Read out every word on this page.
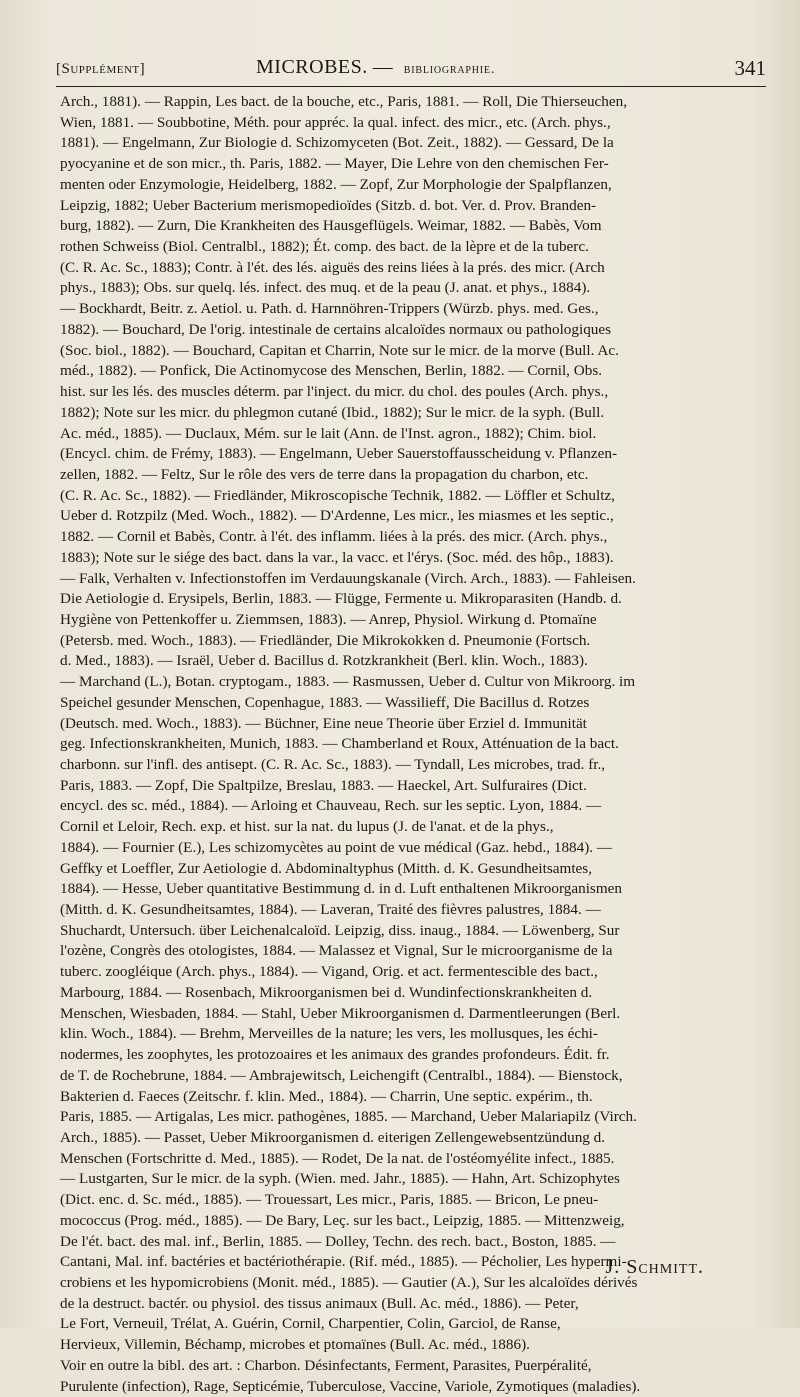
[Supplément]	MICROBES. — bibliographie.	341
Arch., 1881). — Rappin, Les bact. de la bouche, etc., Paris, 1881. — Roll, Die Thierseuchen,
Wien, 1881. — Soubbotine, Méth. pour appréc. la qual. infect. des micr., etc. (Arch. phys.,
1881). — Engelmann, Zur Biologie d. Schizomyceten (Bot. Zeit., 1882). — Gessard, De la
pyocyanine et de son micr., th. Paris, 1882. — Mayer, Die Lehre von den chemischen Fer-
menten oder Enzymologie, Heidelberg, 1882. — Zopf, Zur Morphologie der Spalpflanzen,
Leipzig, 1882; Ueber Bacterium merismopedioïdes (Sitzb. d. bot. Ver. d. Prov. Branden-
burg, 1882). — Zurn, Die Krankheiten des Hausgeflügels. Weimar, 1882. — Babès, Vom
rothen Schweiss (Biol. Centralbl., 1882); Ét. comp. des bact. de la lèpre et de la tuberc.
(C. R. Ac. Sc., 1883); Contr. à l'ét. des lés. aiguës des reins liées à la prés. des micr. (Arch
phys., 1883); Obs. sur quelq. lés. infect. des muq. et de la peau (J. anat. et phys., 1884).
— Bockhardt, Beitr. z. Aetiol. u. Path. d. Harnnöhren-Trippers (Würzb. phys. med. Ges.,
1882). — Bouchard, De l'orig. intestinale de certains alcaloïdes normaux ou pathologiques
(Soc. biol., 1882). — Bouchard, Capitan et Charrin, Note sur le micr. de la morve (Bull. Ac.
méd., 1882). — Ponfick, Die Actinomycose des Menschen, Berlin, 1882. — Cornil, Obs.
hist. sur les lés. des muscles déterm. par l'inject. du micr. du chol. des poules (Arch. phys.,
1882); Note sur les micr. du phlegmon cutané (Ibid., 1882); Sur le micr. de la syph. (Bull.
Ac. méd., 1885). — Duclaux, Mém. sur le lait (Ann. de l'Inst. agron., 1882); Chim. biol.
(Encycl. chim. de Frémy, 1883). — Engelmann, Ueber Sauerstoffausscheidung v. Pflanzen-
zellen, 1882. — Feltz, Sur le rôle des vers de terre dans la propagation du charbon, etc.
(C. R. Ac. Sc., 1882). — Friedländer, Mikroscopische Technik, 1882. — Löffler et Schultz,
Ueber d. Rotzpilz (Med. Woch., 1882). — D'Ardenne, Les micr., les miasmes et les septic.,
1882. — Cornil et Babès, Contr. à l'ét. des inflamm. liées à la prés. des micr. (Arch. phys.,
1883); Note sur le siége des bact. dans la var., la vacc. et l'érys. (Soc. méd. des hôp., 1883).
— Falk, Verhalten v. Infectionstoffen im Verdauungskanale (Virch. Arch., 1883). — Fahleisen.
Die Aetiologie d. Erysipels, Berlin, 1883. — Flügge, Fermente u. Mikroparasiten (Handb. d.
Hygiène von Pettenkoffer u. Ziemmsen, 1883). — Anrep, Physiol. Wirkung d. Ptomaïne
(Petersb. med. Woch., 1883). — Friedländer, Die Mikrokokken d. Pneumonie (Fortsch.
d. Med., 1883). — Israël, Ueber d. Bacillus d. Rotzkrankheit (Berl. klin. Woch., 1883).
— Marchand (L.), Botan. cryptogam., 1883. — Rasmussen, Ueber d. Cultur von Mikroorg. im
Speichel gesunder Menschen, Copenhague, 1883. — Wassilieff, Die Bacillus d. Rotzes
(Deutsch. med. Woch., 1883). — Büchner, Eine neue Theorie über Erziel d. Immunität
geg. Infectionskrankheiten, Munich, 1883. — Chamberland et Roux, Atténuation de la bact.
charbonn. sur l'infl. des antisept. (C. R. Ac. Sc., 1883). — Tyndall, Les microbes, trad. fr.,
Paris, 1883. — Zopf, Die Spaltpilze, Breslau, 1883. — Haeckel, Art. Sulfuraires (Dict.
encycl. des sc. méd., 1884). — Arloing et Chauveau, Rech. sur les septic. Lyon, 1884. —
Cornil et Leloir, Rech. exp. et hist. sur la nat. du lupus (J. de l'anat. et de la phys.,
1884). — Fournier (E.), Les schizomycètes au point de vue médical (Gaz. hebd., 1884). —
Geffky et Loeffler, Zur Aetiologie d. Abdominaltyphus (Mitth. d. K. Gesundheitsamtes,
1884). — Hesse, Ueber quantitative Bestimmung d. in d. Luft enthaltenen Mikroorganismen
(Mitth. d. K. Gesundheitsamtes, 1884). — Laveran, Traité des fièvres palustres, 1884. —
Shuchardt, Untersuch. über Leichenalcaloïd. Leipzig, diss. inaug., 1884. — Löwenberg, Sur
l'ozène, Congrès des otologistes, 1884. — Malassez et Vignal, Sur le microorganisme de la
tuberc. zoogléique (Arch. phys., 1884). — Vigand, Orig. et act. fermentescible des bact.,
Marbourg, 1884. — Rosenbach, Mikroorganismen bei d. Wundinfectionskrankheiten d.
Menschen, Wiesbaden, 1884. — Stahl, Ueber Mikroorganismen d. Darmentleerungen (Berl.
klin. Woch., 1884). — Brehm, Merveilles de la nature; les vers, les mollusques, les échi-
nodermes, les zoophytes, les protozoaires et les animaux des grandes profondeurs. Édit. fr.
de T. de Rochebrune, 1884. — Ambrajewitsch, Leichengift (Centralbl., 1884). — Bienstock,
Bakterien d. Faeces (Zeitschr. f. klin. Med., 1884). — Charrin, Une septic. expérim., th.
Paris, 1885. — Artigalas, Les micr. pathogènes, 1885. — Marchand, Ueber Malariapilz (Virch.
Arch., 1885). — Passet, Ueber Mikroorganismen d. eiterigen Zellengewebsentzündung d.
Menschen (Fortschritte d. Med., 1885). — Rodet, De la nat. de l'ostéomyélite infect., 1885.
— Lustgarten, Sur le micr. de la syph. (Wien. med. Jahr., 1885). — Hahn, Art. Schizophytes
(Dict. enc. d. Sc. méd., 1885). — Trouessart, Les micr., Paris, 1885. — Bricon, Le pneu-
mococcus (Prog. méd., 1885). — De Bary, Leç. sur les bact., Leipzig, 1885. — Mittenzweig,
De l'ét. bact. des mal. inf., Berlin, 1885. — Dolley, Techn. des rech. bact., Boston, 1885. —
Cantani, Mal. inf. bactéries et bactériothérapie. (Rif. méd., 1885). — Pécholier, Les hypermi-
crobiens et les hypomicrobiens (Monit. méd., 1885). — Gautier (A.), Sur les alcaloïdes dérivés
de la destruct. bactér. ou physiol. des tissus animaux (Bull. Ac. méd., 1886). — Peter,
Le Fort, Verneuil, Trélat, A. Guérin, Cornil, Charpentier, Colin, Garciol, de Ranse,
Hervieux, Villemin, Béchamp, microbes et ptomaïnes (Bull. Ac. méd., 1886).
Voir en outre la bibl. des art. : Charbon. Désinfectants, Ferment, Parasites, Puerpéralité,
Purulente (infection), Rage, Septicémie, Tuberculose, Vaccine, Variole, Zymotiques (maladies).
J. Schmitt.
